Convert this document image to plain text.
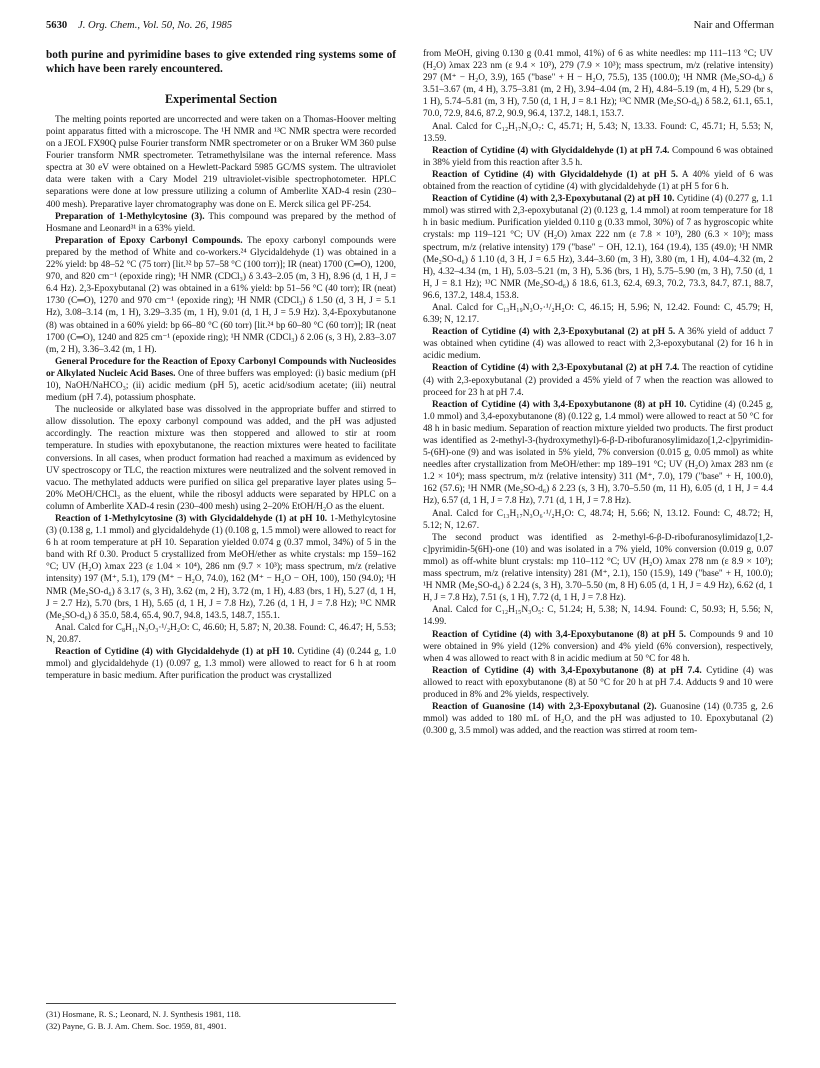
5630 J. Org. Chem., Vol. 50, No. 26, 1985	Nair and Offerman

both purine and pyrimidine bases to give extended ring systems some of which have been rarely encountered.

Experimental Section

The melting points reported are uncorrected and were taken on a Thomas-Hoover melting point apparatus fitted with a microscope. The ¹H NMR and ¹³C NMR spectra were recorded on a JEOL FX90Q pulse Fourier transform NMR spectrometer or on a Bruker WM 360 pulse Fourier transform NMR spectrometer. Tetramethylsilane was the internal reference. Mass spectra at 30 eV were obtained on a Hewlett-Packard 5985 GC/MS system. The ultraviolet data were taken with a Cary Model 219 ultraviolet-visible spectrophotometer. HPLC separations were done at low pressure utilizing a column of Amberlite XAD-4 resin (230–400 mesh). Preparative layer chromatography was done on E. Merck silica gel PF-254.

Preparation of 1-Methylcytosine (3). This compound was prepared by the method of Hosmane and Leonard³¹ in a 63% yield.

Preparation of Epoxy Carbonyl Compounds. The epoxy carbonyl compounds were prepared by the method of White and co-workers.²⁴ Glycidaldehyde (1) was obtained in a 22% yield: bp 48–52 °C (75 torr) [lit.³² bp 57–58 °C (100 torr)]; IR (neat) 1700 (C═O), 1200, 970, and 820 cm⁻¹ (epoxide ring); ¹H NMR (CDCl₃) δ 3.43–2.05 (m, 3 H), 8.96 (d, 1 H, J = 6.4 Hz). 2,3-Epoxybutanal (2) was obtained in a 61% yield: bp 51–56 °C (40 torr); IR (neat) 1730 (C═O), 1270 and 970 cm⁻¹ (epoxide ring); ¹H NMR (CDCl₃) δ 1.50 (d, 3 H, J = 5.1 Hz), 3.08–3.14 (m, 1 H), 3.29–3.35 (m, 1 H), 9.01 (d, 1 H, J = 5.9 Hz). 3,4-Epoxybutanone (8) was obtained in a 60% yield: bp 66–80 °C (60 torr) [lit.²⁴ bp 60–80 °C (60 torr)]; IR (neat 1700 (C═O), 1240 and 825 cm⁻¹ (epoxide ring); ¹H NMR (CDCl₃) δ 2.06 (s, 3 H), 2.83–3.07 (m, 2 H), 3.36–3.42 (m, 1 H).

General Procedure for the Reaction of Epoxy Carbonyl Compounds with Nucleosides or Alkylated Nucleic Acid Bases. One of three buffers was employed: (i) basic medium (pH 10), NaOH/NaHCO₃; (ii) acidic medium (pH 5), acetic acid/sodium acetate; (iii) neutral medium (pH 7.4), potassium phosphate.

The nucleoside or alkylated base was dissolved in the appropriate buffer and stirred to allow dissolution. The epoxy carbonyl compound was added, and the pH was adjusted accordingly. The reaction mixture was then stoppered and allowed to stir at room temperature. In studies with epoxybutanone, the reaction mixtures were heated to facilitate conversions. In all cases, when product formation had reached a maximum as evidenced by UV spectroscopy or TLC, the reaction mixtures were neutralized and the solvent removed in vacuo. The methylated adducts were purified on silica gel preparative layer plates using 5–20% MeOH/CHCl₃ as the eluent, while the ribosyl adducts were separated by HPLC on a column of Amberlite XAD-4 resin (230–400 mesh) using 2–20% EtOH/H₂O as the eluent.

Reaction of 1-Methylcytosine (3) with Glycidaldehyde (1) at pH 10. 1-Methylcytosine (3) (0.138 g, 1.1 mmol) and glycidaldehyde (1) (0.108 g, 1.5 mmol) were allowed to react for 6 h at room temperature at pH 10. Separation yielded 0.074 g (0.37 mmol, 34%) of 5 in the band with Rf 0.30. Product 5 crystallized from MeOH/ether as white crystals: mp 159–162 °C; UV (H₂O) λmax 223 (ε 1.04 × 10⁴), 286 nm (9.7 × 10³); mass spectrum, m/z (relative intensity) 197 (M⁺, 5.1), 179 (M⁺ − H₂O, 74.0), 162 (M⁺ − H₂O − OH, 100), 150 (94.0); ¹H NMR (Me₂SO-d₆) δ 3.17 (s, 3 H), 3.62 (m, 2 H), 3.72 (m, 1 H), 4.83 (brs, 1 H), 5.27 (d, 1 H, J = 2.7 Hz), 5.70 (brs, 1 H), 5.65 (d, 1 H, J = 7.8 Hz), 7.26 (d, 1 H, J = 7.8 Hz); ¹³C NMR (Me₂SO-d₆) δ 35.0, 58.4, 65.4, 90.7, 94.8, 143.5, 148.7, 155.1.

Anal. Calcd for C₈H₁₁N₃O₃·¹/₂H₂O: C, 46.60; H, 5.87; N, 20.38. Found: C, 46.47; H, 5.53; N, 20.87.

Reaction of Cytidine (4) with Glycidaldehyde (1) at pH 10. Cytidine (4) (0.244 g, 1.0 mmol) and glycidaldehyde (1) (0.097 g, 1.3 mmol) were allowed to react for 6 h at room temperature in basic medium. After purification the product was crystallized

from MeOH, giving 0.130 g (0.41 mmol, 41%) of 6 as white needles: mp 111–113 °C; UV (H₂O) λmax 223 nm (ε 9.4 × 10³), 279 (7.9 × 10³); mass spectrum, m/z (relative intensity) 297 (M⁺ − H₂O, 3.9), 165 ("base" + H − H₂O, 75.5), 135 (100.0); ¹H NMR (Me₂SO-d₆) δ 3.51–3.67 (m, 4 H), 3.75–3.81 (m, 2 H), 3.94–4.04 (m, 2 H), 4.84–5.19 (m, 4 H), 5.29 (br s, 1 H), 5.74–5.81 (m, 3 H), 7.50 (d, 1 H, J = 8.1 Hz); ¹³C NMR (Me₂SO-d₆) δ 58.2, 61.1, 65.1, 70.0, 72.9, 84.6, 87.2, 90.9, 96.4, 137.2, 148.1, 153.7.

Anal. Calcd for C₁₂H₁₇N₃O₇: C, 45.71; H, 5.43; N, 13.33. Found: C, 45.71; H, 5.53; N, 13.59.

Reaction of Cytidine (4) with Glycidaldehyde (1) at pH 7.4. Compound 6 was obtained in 38% yield from this reaction after 3.5 h.

Reaction of Cytidine (4) with Glycidaldehyde (1) at pH 5. A 40% yield of 6 was obtained from the reaction of cytidine (4) with glycidaldehyde (1) at pH 5 for 6 h.

Reaction of Cytidine (4) with 2,3-Epoxybutanal (2) at pH 10. Cytidine (4) (0.277 g, 1.1 mmol) was stirred with 2,3-epoxybutanal (2) (0.123 g, 1.4 mmol) at room temperature for 18 h in basic medium. Purification yielded 0.110 g (0.33 mmol, 30%) of 7 as hygroscopic white crystals: mp 119–121 °C; UV (H₂O) λmax 222 nm (ε 7.8 × 10³), 280 (6.3 × 10³); mass spectrum, m/z (relative intensity) 179 ("base" − OH, 12.1), 164 (19.4), 135 (49.0); ¹H NMR (Me₂SO-d₆) δ 1.10 (d, 3 H, J = 6.5 Hz), 3.44–3.60 (m, 3 H), 3.80 (m, 1 H), 4.04–4.32 (m, 2 H), 4.32–4.34 (m, 1 H), 5.03–5.21 (m, 3 H), 5.36 (brs, 1 H), 5.75–5.90 (m, 3 H), 7.50 (d, 1 H, J = 8.1 Hz); ¹³C NMR (Me₂SO-d₆) δ 18.6, 61.3, 62.4, 69.3, 70.2, 73.3, 84.7, 87.1, 88.7, 96.6, 137.2, 148.4, 153.8.

Anal. Calcd for C₁₃H₁₉N₃O₇·¹/₂H₂O: C, 46.15; H, 5.96; N, 12.42. Found: C, 45.79; H, 6.39; N, 12.17.

Reaction of Cytidine (4) with 2,3-Epoxybutanal (2) at pH 5. A 36% yield of adduct 7 was obtained when cytidine (4) was allowed to react with 2,3-epoxybutanal (2) for 16 h in acidic medium.

Reaction of Cytidine (4) with 2,3-Epoxybutanal (2) at pH 7.4. The reaction of cytidine (4) with 2,3-epoxybutanal (2) provided a 45% yield of 7 when the reaction was allowed to proceed for 23 h at pH 7.4.

Reaction of Cytidine (4) with 3,4-Epoxybutanone (8) at pH 10. Cytidine (4) (0.245 g, 1.0 mmol) and 3,4-epoxybutanone (8) (0.122 g, 1.4 mmol) were allowed to react at 50 °C for 48 h in basic medium. Separation of reaction mixture yielded two products. The first product was identified as 2-methyl-3-(hydroxymethyl)-6-β-D-ribofuranosylimidazo[1,2-c]pyrimidin-5-(6H)-one (9) and was isolated in 5% yield, 7% conversion (0.015 g, 0.05 mmol) as white needles after crystallization from MeOH/ether: mp 189–191 °C; UV (H₂O) λmax 283 nm (ε 1.2 × 10⁴); mass spectrum, m/z (relative intensity) 311 (M⁺, 7.0), 179 ("base" + H, 100.0), 162 (57.6); ¹H NMR (Me₂SO-d₆) δ 2.23 (s, 3 H), 3.70–5.50 (m, 11 H), 6.05 (d, 1 H, J = 4.4 Hz), 6.57 (d, 1 H, J = 7.8 Hz), 7.71 (d, 1 H, J = 7.8 Hz).

Anal. Calcd for C₁₃H₁₇N₃O₆·¹/₂H₂O: C, 48.74; H, 5.66; N, 13.12. Found: C, 48.72; H, 5.12; N, 12.67.

The second product was identified as 2-methyl-6-β-D-ribofuranosylimidazo[1,2-c]pyrimidin-5(6H)-one (10) and was isolated in a 7% yield, 10% conversion (0.019 g, 0.07 mmol) as off-white blunt crystals: mp 110–112 °C; UV (H₂O) λmax 278 nm (ε 8.9 × 10³); mass spectrum, m/z (relative intensity) 281 (M⁺, 2.1), 150 (15.9), 149 ("base" + H, 100.0); ¹H NMR (Me₂SO-d₆) δ 2.24 (s, 3 H), 3.70–5.50 (m, 8 H) 6.05 (d, 1 H, J = 4.9 Hz), 6.62 (d, 1 H, J = 7.8 Hz), 7.51 (s, 1 H), 7.72 (d, 1 H, J = 7.8 Hz).

Anal. Calcd for C₁₂H₁₅N₃O₅: C, 51.24; H, 5.38; N, 14.94. Found: C, 50.93; H, 5.56; N, 14.99.

Reaction of Cytidine (4) with 3,4-Epoxybutanone (8) at pH 5. Compounds 9 and 10 were obtained in 9% yield (12% conversion) and 4% yield (6% conversion), respectively, when 4 was allowed to react with 8 in acidic medium at 50 °C for 48 h.

Reaction of Cytidine (4) with 3,4-Epoxybutanone (8) at pH 7.4. Cytidine (4) was allowed to react with epoxybutanone (8) at 50 °C for 20 h at pH 7.4. Adducts 9 and 10 were produced in 8% and 2% yields, respectively.

Reaction of Guanosine (14) with 2,3-Epoxybutanal (2). Guanosine (14) (0.735 g, 2.6 mmol) was added to 180 mL of H₂O, and the pH was adjusted to 10. Epoxybutanal (2) (0.300 g, 3.5 mmol) was added, and the reaction was stirred at room tem-

(31) Hosmane, R. S.; Leonard, N. J. Synthesis 1981, 118.
(32) Payne, G. B. J. Am. Chem. Soc. 1959, 81, 4901.
